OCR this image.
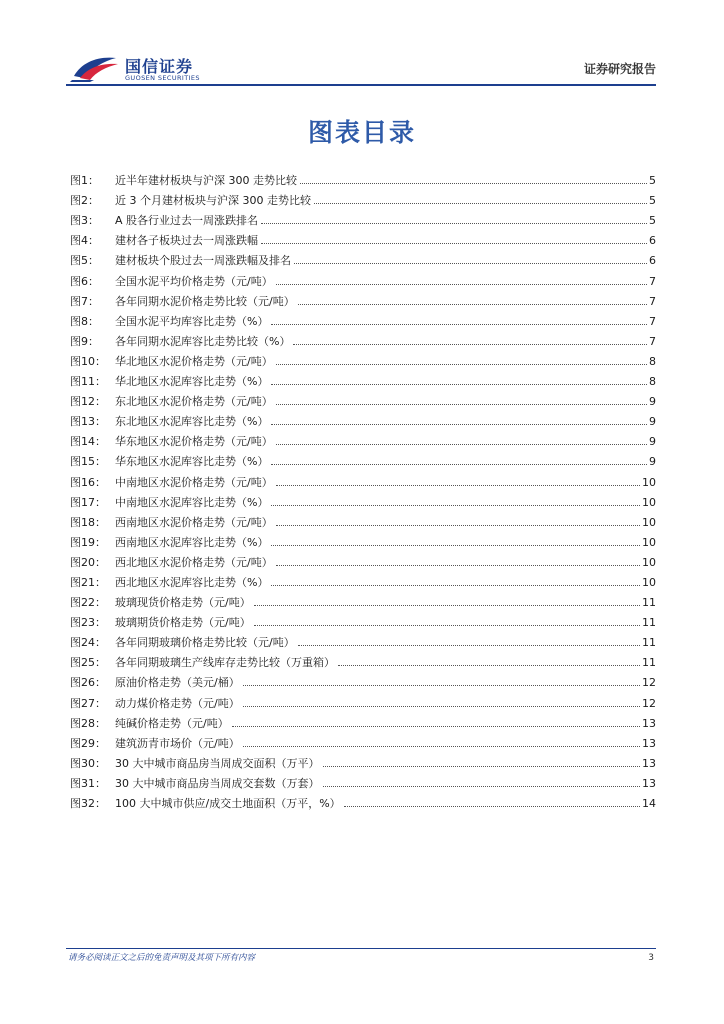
国信证券
GUOSEN SECURITIES
证券研究报告
图表目录
图1：	近半年建材板块与沪深 300 走势比较	5
图2：	近 3 个月建材板块与沪深 300 走势比较	5
图3：	A 股各行业过去一周涨跌排名	5
图4：	建材各子板块过去一周涨跌幅	6
图5：	建材板块个股过去一周涨跌幅及排名	6
图6：	全国水泥平均价格走势（元/吨）	7
图7：	各年同期水泥价格走势比较（元/吨）	7
图8：	全国水泥平均库容比走势（%）	7
图9：	各年同期水泥库容比走势比较（%）	7
图10： 华北地区水泥价格走势（元/吨）	8
图11： 华北地区水泥库容比走势（%）	8
图12： 东北地区水泥价格走势（元/吨）	9
图13： 东北地区水泥库容比走势（%）	9
图14： 华东地区水泥价格走势（元/吨）	9
图15： 华东地区水泥库容比走势（%）	9
图16： 中南地区水泥价格走势（元/吨）	10
图17： 中南地区水泥库容比走势（%）	10
图18： 西南地区水泥价格走势（元/吨）	10
图19： 西南地区水泥库容比走势（%）	10
图20： 西北地区水泥价格走势（元/吨）	10
图21： 西北地区水泥库容比走势（%）	10
图22： 玻璃现货价格走势（元/吨）	11
图23： 玻璃期货价格走势（元/吨）	11
图24： 各年同期玻璃价格走势比较（元/吨）	11
图25： 各年同期玻璃生产线库存走势比较（万重箱）	11
图26： 原油价格走势（美元/桶）	12
图27： 动力煤价格走势（元/吨）	12
图28： 纯碱价格走势（元/吨）	13
图29： 建筑沥青市场价（元/吨）	13
图30： 30 大中城市商品房当周成交面积（万平）	13
图31： 30 大中城市商品房当周成交套数（万套）	13
图32： 100 大中城市供应/成交土地面积（万平，%）	14
请务必阅读正文之后的免责声明及其项下所有内容	3
